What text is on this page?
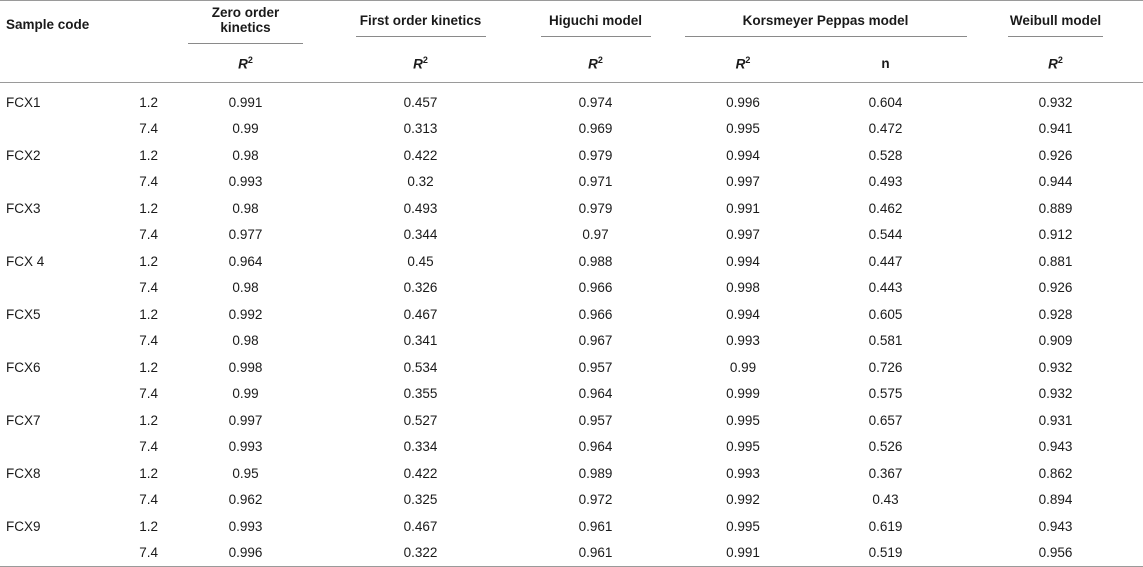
Sample code		Zero order kinetics	First order kinetics	Higuchi model	Korsmeyer Peppas model		Weibull model
		$R^2$	$R^2$	$R^2$	$R^2$	n	$R^2$
FCX1	1.2	0.991	0.457	0.974	0.996	0.604	0.932
	7.4	0.99	0.313	0.969	0.995	0.472	0.941
FCX2	1.2	0.98	0.422	0.979	0.994	0.528	0.926
	7.4	0.993	0.32	0.971	0.997	0.493	0.944
FCX3	1.2	0.98	0.493	0.979	0.991	0.462	0.889
	7.4	0.977	0.344	0.97	0.997	0.544	0.912
FCX 4	1.2	0.964	0.45	0.988	0.994	0.447	0.881
	7.4	0.98	0.326	0.966	0.998	0.443	0.926
FCX5	1.2	0.992	0.467	0.966	0.994	0.605	0.928
	7.4	0.98	0.341	0.967	0.993	0.581	0.909
FCX6	1.2	0.998	0.534	0.957	0.99	0.726	0.932
	7.4	0.99	0.355	0.964	0.999	0.575	0.932
FCX7	1.2	0.997	0.527	0.957	0.995	0.657	0.931
	7.4	0.993	0.334	0.964	0.995	0.526	0.943
FCX8	1.2	0.95	0.422	0.989	0.993	0.367	0.862
	7.4	0.962	0.325	0.972	0.992	0.43	0.894
FCX9	1.2	0.993	0.467	0.961	0.995	0.619	0.943
	7.4	0.996	0.322	0.961	0.991	0.519	0.956
